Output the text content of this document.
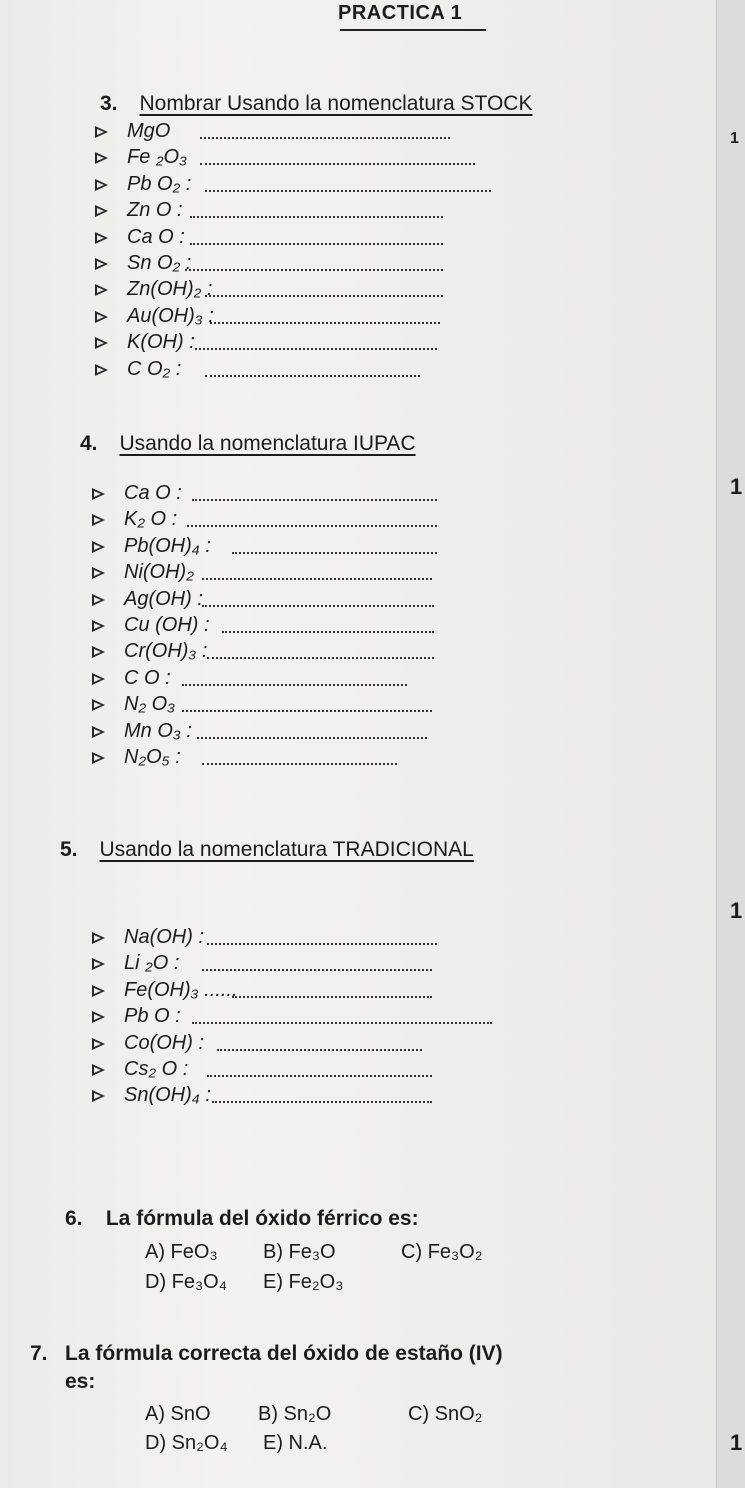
PRACTICA 1
3. Nombrar Usando la nomenclatura STOCK
1
MgO
Fe ₂O₃
Pb O₂ :
Zn O :
Ca O :
Sn O₂ :
Zn(OH)₂ :
Au(OH)₃ :
K(OH) :
C O₂ :
4. Usando la nomenclatura IUPAC
1
Ca O :
K₂ O :
Pb(OH)₄ :
Ni(OH)₂
Ag(OH) :
Cu (OH) :
Cr(OH)₃ :
C O :
N₂ O₃
Mn O₃ :
N₂O₅ :
5. Usando la nomenclatura TRADICIONAL
1
Na(OH) :
Li ₂O :
Fe(OH)₃ ......
Pb O :
Co(OH) :
Cs₂ O :
Sn(OH)₄ :
6. La fórmula del óxido férrico es:
A) FeO₃ B) Fe₃O	C) Fe₃O₂
D) Fe₃O₄ E) Fe₂O₃
7. La fórmula correcta del óxido de estaño (IV)
es:
A) SnO B) Sn₂O	C) SnO₂
D) Sn₂O₄ E) N.A.	1
